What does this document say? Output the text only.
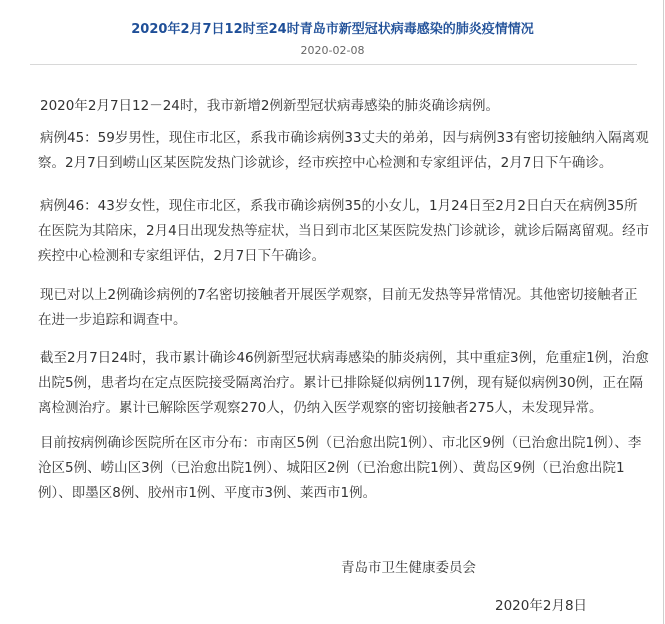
2020年2月7日12时至24时青岛市新型冠状病毒感染的肺炎疫情情况
2020-02-08
2020年2月7日12－24时，我市新增2例新型冠状病毒感染的肺炎确诊病例。
病例45：59岁男性，现住市北区，系我市确诊病例33丈夫的弟弟，因与病例33有密切接触纳入隔离观察。2月7日到崂山区某医院发热门诊就诊，经市疾控中心检测和专家组评估，2月7日下午确诊。
病例46：43岁女性，现住市北区，系我市确诊病例35的小女儿，1月24日至2月2日白天在病例35所在医院为其陪床，2月4日出现发热等症状，当日到市北区某医院发热门诊就诊，就诊后隔离留观。经市疾控中心检测和专家组评估，2月7日下午确诊。
现已对以上2例确诊病例的7名密切接触者开展医学观察，目前无发热等异常情况。其他密切接触者正在进一步追踪和调查中。
截至2月7日24时，我市累计确诊46例新型冠状病毒感染的肺炎病例，其中重症3例，危重症1例，治愈出院5例，患者均在定点医院接受隔离治疗。累计已排除疑似病例117例，现有疑似病例30例，正在隔离检测治疗。累计已解除医学观察270人，仍纳入医学观察的密切接触者275人，未发现异常。
目前按病例确诊医院所在区市分布：市南区5例（已治愈出院1例）、市北区9例（已治愈出院1例）、李沧区5例、崂山区3例（已治愈出院1例）、城阳区2例（已治愈出院1例）、黄岛区9例（已治愈出院1例）、即墨区8例、胶州市1例、平度市3例、莱西市1例。
青岛市卫生健康委员会
2020年2月8日
